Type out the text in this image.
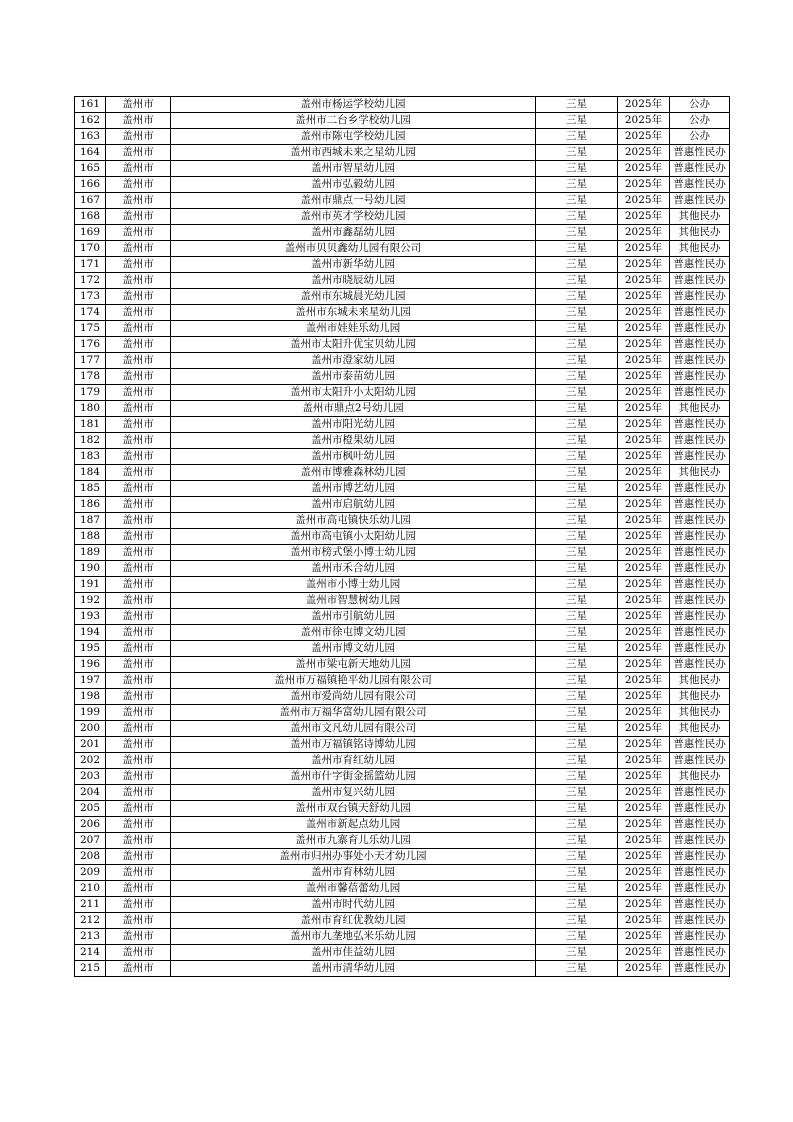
161	盖州市	盖州市杨运学校幼儿园	三星	2025年	公办
162	盖州市	盖州市二台乡学校幼儿园	三星	2025年	公办
163	盖州市	盖州市陈屯学校幼儿园	三星	2025年	公办
164	盖州市	盖州市西城未来之星幼儿园	三星	2025年	普惠性民办
165	盖州市	盖州市智星幼儿园	三星	2025年	普惠性民办
166	盖州市	盖州市弘毅幼儿园	三星	2025年	普惠性民办
167	盖州市	盖州市鼎点一号幼儿园	三星	2025年	普惠性民办
168	盖州市	盖州市英才学校幼儿园	三星	2025年	其他民办
169	盖州市	盖州市鑫磊幼儿园	三星	2025年	其他民办
170	盖州市	盖州市贝贝鑫幼儿园有限公司	三星	2025年	其他民办
171	盖州市	盖州市新华幼儿园	三星	2025年	普惠性民办
172	盖州市	盖州市晓辰幼儿园	三星	2025年	普惠性民办
173	盖州市	盖州市东城晨光幼儿园	三星	2025年	普惠性民办
174	盖州市	盖州市东城未来星幼儿园	三星	2025年	普惠性民办
175	盖州市	盖州市娃娃乐幼儿园	三星	2025年	普惠性民办
176	盖州市	盖州市太阳升优宝贝幼儿园	三星	2025年	普惠性民办
177	盖州市	盖州市澄家幼儿园	三星	2025年	普惠性民办
178	盖州市	盖州市泰苗幼儿园	三星	2025年	普惠性民办
179	盖州市	盖州市太阳升小太阳幼儿园	三星	2025年	普惠性民办
180	盖州市	盖州市鼎点2号幼儿园	三星	2025年	其他民办
181	盖州市	盖州市阳光幼儿园	三星	2025年	普惠性民办
182	盖州市	盖州市橙果幼儿园	三星	2025年	普惠性民办
183	盖州市	盖州市枫叶幼儿园	三星	2025年	普惠性民办
184	盖州市	盖州市博雅森林幼儿园	三星	2025年	其他民办
185	盖州市	盖州市博艺幼儿园	三星	2025年	普惠性民办
186	盖州市	盖州市启航幼儿园	三星	2025年	普惠性民办
187	盖州市	盖州市高屯镇快乐幼儿园	三星	2025年	普惠性民办
188	盖州市	盖州市高屯镇小太阳幼儿园	三星	2025年	普惠性民办
189	盖州市	盖州市榜式堡小博士幼儿园	三星	2025年	普惠性民办
190	盖州市	盖州市禾合幼儿园	三星	2025年	普惠性民办
191	盖州市	盖州市小博士幼儿园	三星	2025年	普惠性民办
192	盖州市	盖州市智慧树幼儿园	三星	2025年	普惠性民办
193	盖州市	盖州市引航幼儿园	三星	2025年	普惠性民办
194	盖州市	盖州市徐屯博文幼儿园	三星	2025年	普惠性民办
195	盖州市	盖州市博文幼儿园	三星	2025年	普惠性民办
196	盖州市	盖州市梁屯新天地幼儿园	三星	2025年	普惠性民办
197	盖州市	盖州市万福镇艳平幼儿园有限公司	三星	2025年	其他民办
198	盖州市	盖州市爱尚幼儿园有限公司	三星	2025年	其他民办
199	盖州市	盖州市万福华富幼儿园有限公司	三星	2025年	其他民办
200	盖州市	盖州市文凡幼儿园有限公司	三星	2025年	其他民办
201	盖州市	盖州市万福镇铭诗博幼儿园	三星	2025年	普惠性民办
202	盖州市	盖州市育红幼儿园	三星	2025年	普惠性民办
203	盖州市	盖州市什字街金摇篮幼儿园	三星	2025年	其他民办
204	盖州市	盖州市复兴幼儿园	三星	2025年	普惠性民办
205	盖州市	盖州市双台镇天舒幼儿园	三星	2025年	普惠性民办
206	盖州市	盖州市新起点幼儿园	三星	2025年	普惠性民办
207	盖州市	盖州市九寨育儿乐幼儿园	三星	2025年	普惠性民办
208	盖州市	盖州市归州办事处小天才幼儿园	三星	2025年	普惠性民办
209	盖州市	盖州市育林幼儿园	三星	2025年	普惠性民办
210	盖州市	盖州市馨蓓蕾幼儿园	三星	2025年	普惠性民办
211	盖州市	盖州市时代幼儿园	三星	2025年	普惠性民办
212	盖州市	盖州市育红优教幼儿园	三星	2025年	普惠性民办
213	盖州市	盖州市九垄地弘米乐幼儿园	三星	2025年	普惠性民办
214	盖州市	盖州市佳益幼儿园	三星	2025年	普惠性民办
215	盖州市	盖州市清华幼儿园	三星	2025年	普惠性民办
